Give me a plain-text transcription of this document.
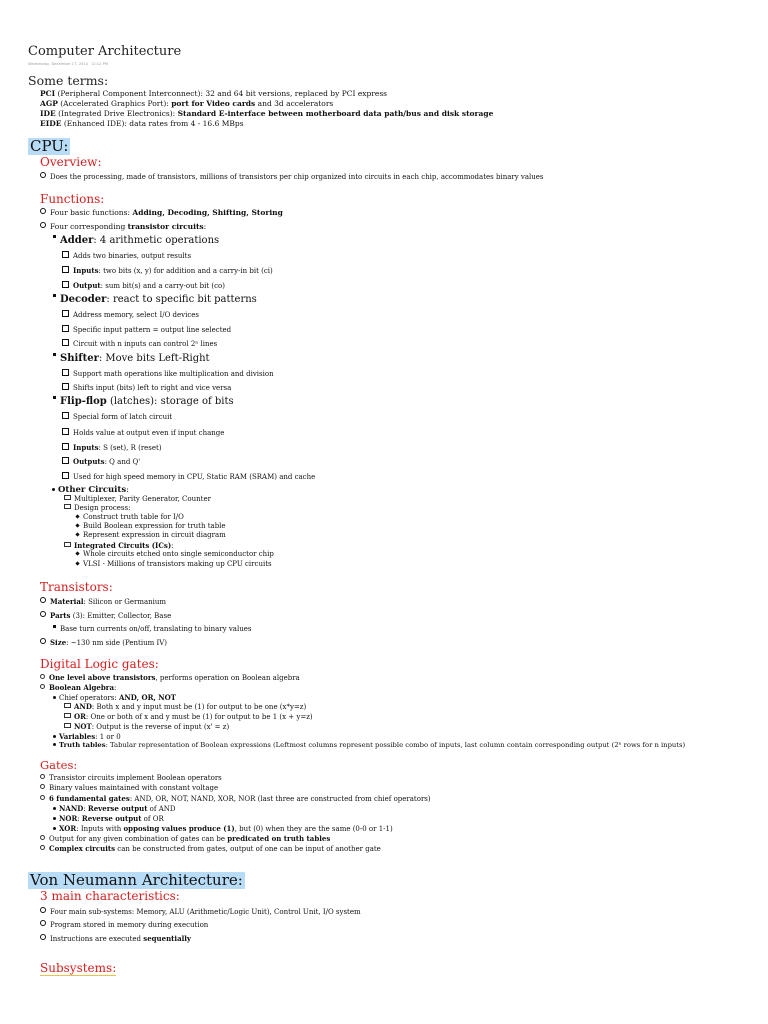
Computer Architecture
Wednesday, December 17, 2014 12:12 PM
Some terms:
PCI (Peripheral Component Interconnect): 32 and 64 bit versions, replaced by PCI express
AGP (Accelerated Graphics Port): port for Video cards and 3d accelerators
IDE (Integrated Drive Electronics): Standard E-interface between motherboard data path/bus and disk storage
EIDE (Enhanced IDE): data rates from 4 - 16.6 MBps
CPU:
Overview:
Does the processing, made of transistors, millions of transistors per chip organized into circuits in each chip, accommodates binary values
Functions:
Four basic functions: Adding, Decoding, Shifting, Storing
Four corresponding transistor circuits:
Adder: 4 arithmetic operations
Adds two binaries, output results
Inputs: two bits (x, y) for addition and a carry-in bit (ci)
Output: sum bit(s) and a carry-out bit (co)
Decoder: react to specific bit patterns
Address memory, select I/O devices
Specific input pattern = output line selected
Circuit with n inputs can control 2ⁿ lines
Shifter: Move bits Left-Right
Support math operations like multiplication and division
Shifts input (bits) left to right and vice versa
Flip-flop (latches): storage of bits
Special form of latch circuit
Holds value at output even if input change
Inputs: S (set), R (reset)
Outputs: Q and Q'
Used for high speed memory in CPU, Static RAM (SRAM) and cache
Other Circuits:
Multiplexer, Parity Generator, Counter
Design process:
Construct truth table for I/O
Build Boolean expression for truth table
Represent expression in circuit diagram
Integrated Circuits (ICs):
Whole circuits etched onto single semiconductor chip
VLSI - Millions of transistors making up CPU circuits
Transistors:
Material: Silicon or Germanium
Parts (3): Emitter, Collector, Base
Base turn currents on/off, translating to binary values
Size: ~130 nm side (Pentium IV)
Digital Logic gates:
One level above transistors, performs operation on Boolean algebra
Boolean Algebra:
Chief operators: AND, OR, NOT
AND: Both x and y input must be (1) for output to be one (x*y=z)
OR: One or both of x and y must be (1) for output to be 1 (x + y=z)
NOT: Output is the reverse of input (x' = z)
Variables: 1 or 0
Truth tables: Tabular representation of Boolean expressions (Leftmost columns represent possible combo of inputs, last column contain corresponding output (2ⁿ rows for n inputs)
Gates:
Transistor circuits implement Boolean operators
Binary values maintained with constant voltage
6 fundamental gates: AND, OR, NOT, NAND, XOR, NOR (last three are constructed from chief operators)
NAND: Reverse output of AND
NOR: Reverse output of OR
XOR: Inputs with opposing values produce (1), but (0) when they are the same (0-0 or 1-1)
Output for any given combination of gates can be predicated on truth tables
Complex circuits can be constructed from gates, output of one can be input of another gate
Von Neumann Architecture:
3 main characteristics:
Four main sub-systems: Memory, ALU (Arithmetic/Logic Unit), Control Unit, I/O system
Program stored in memory during execution
Instructions are executed sequentially
Subsystems:
